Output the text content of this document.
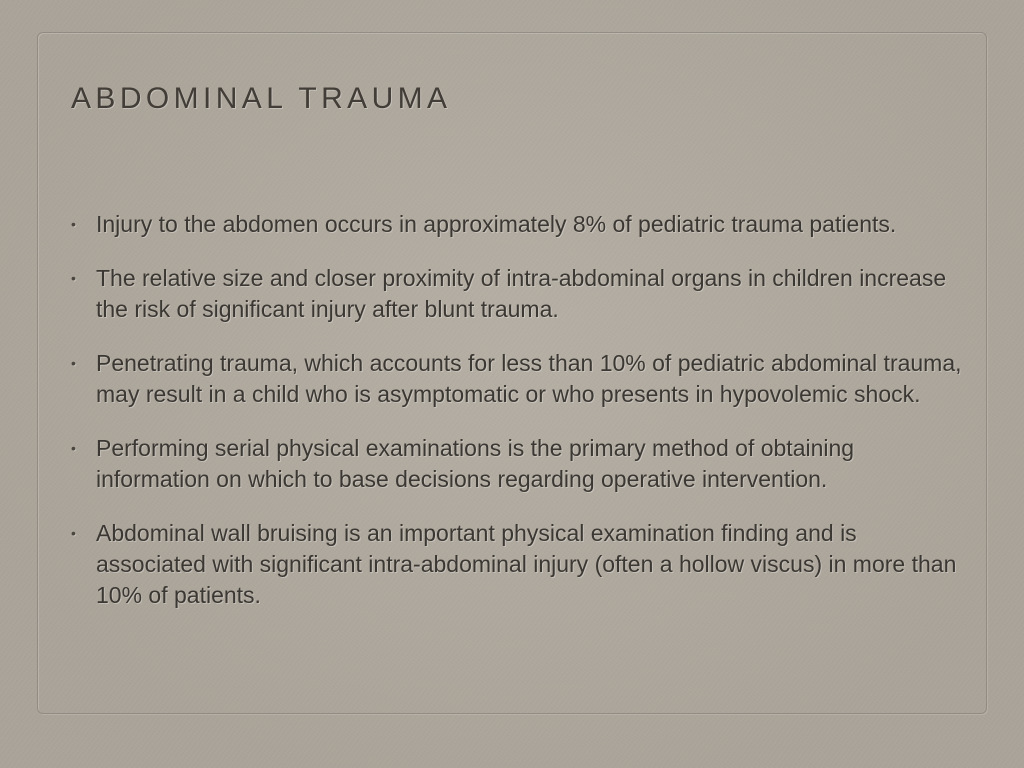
ABDOMINAL TRAUMA
• Injury to the abdomen occurs in approximately 8% of pediatric trauma patients.
• The relative size and closer proximity of intra-abdominal organs in children increase the risk of significant injury after blunt trauma.
• Penetrating trauma, which accounts for less than 10% of pediatric abdominal trauma, may result in a child who is asymptomatic or who presents in hypovolemic shock.
• Performing serial physical examinations is the primary method of obtaining information on which to base decisions regarding operative intervention.
• Abdominal wall bruising is an important physical examination finding and is associated with significant intra-abdominal injury (often a hollow viscus) in more than 10% of patients.
